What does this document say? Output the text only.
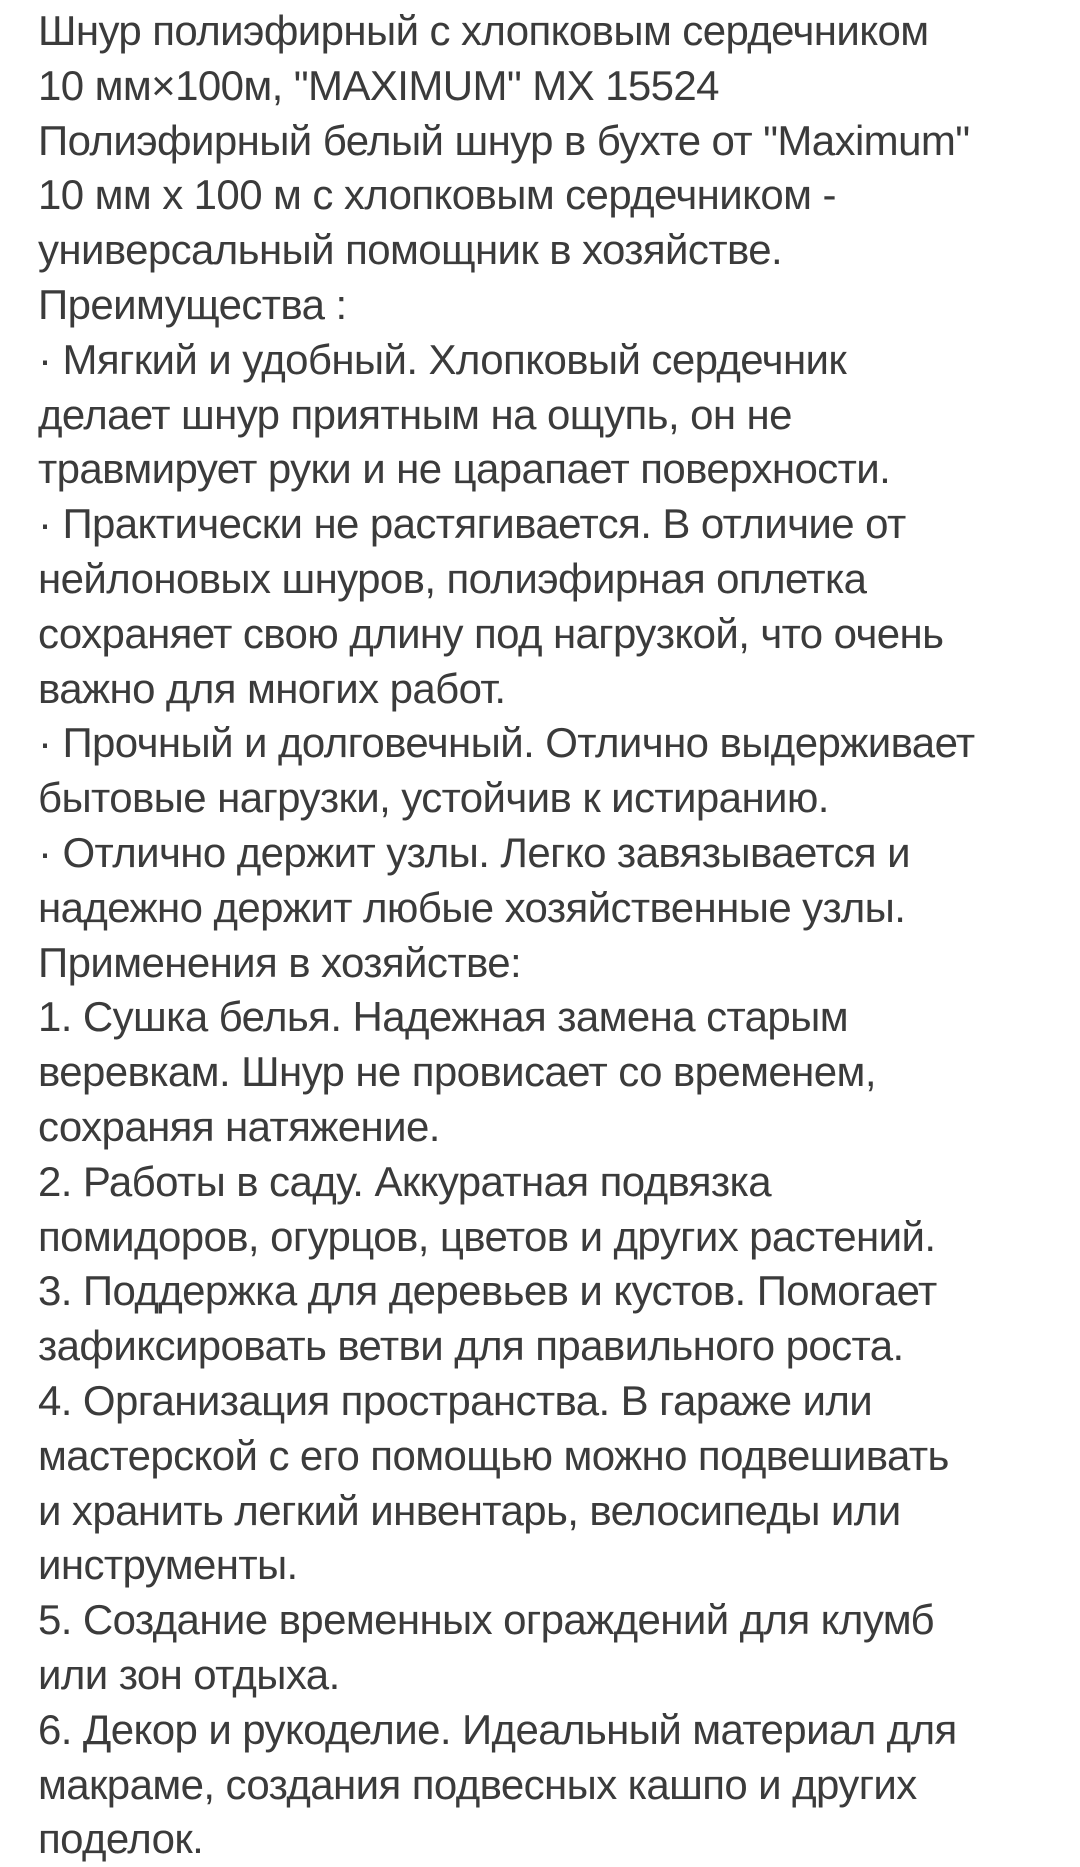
Шнур полиэфирный с хлопковым сердечником
10 мм×100м, "MAXIMUM" МХ 15524
Полиэфирный белый шнур в бухте от "Maximum"
10 мм х 100 м с хлопковым сердечником -
универсальный помощник в хозяйстве.
Преимущества :
· Мягкий и удобный. Хлопковый сердечник
делает шнур приятным на ощупь, он не
травмирует руки и не царапает поверхности.
· Практически не растягивается. В отличие от
нейлоновых шнуров, полиэфирная оплетка
сохраняет свою длину под нагрузкой, что очень
важно для многих работ.
· Прочный и долговечный. Отлично выдерживает
бытовые нагрузки, устойчив к истиранию.
· Отлично держит узлы. Легко завязывается и
надежно держит любые хозяйственные узлы.
Применения в хозяйстве:
1. Сушка белья. Надежная замена старым
веревкам. Шнур не провисает со временем,
сохраняя натяжение.
2. Работы в саду. Аккуратная подвязка
помидоров, огурцов, цветов и других растений.
3. Поддержка для деревьев и кустов. Помогает
зафиксировать ветви для правильного роста.
4. Организация пространства. В гараже или
мастерской с его помощью можно подвешивать
и хранить легкий инвентарь, велосипеды или
инструменты.
5. Создание временных ограждений для клумб
или зон отдыха.
6. Декор и рукоделие. Идеальный материал для
макраме, создания подвесных кашпо и других
поделок.
